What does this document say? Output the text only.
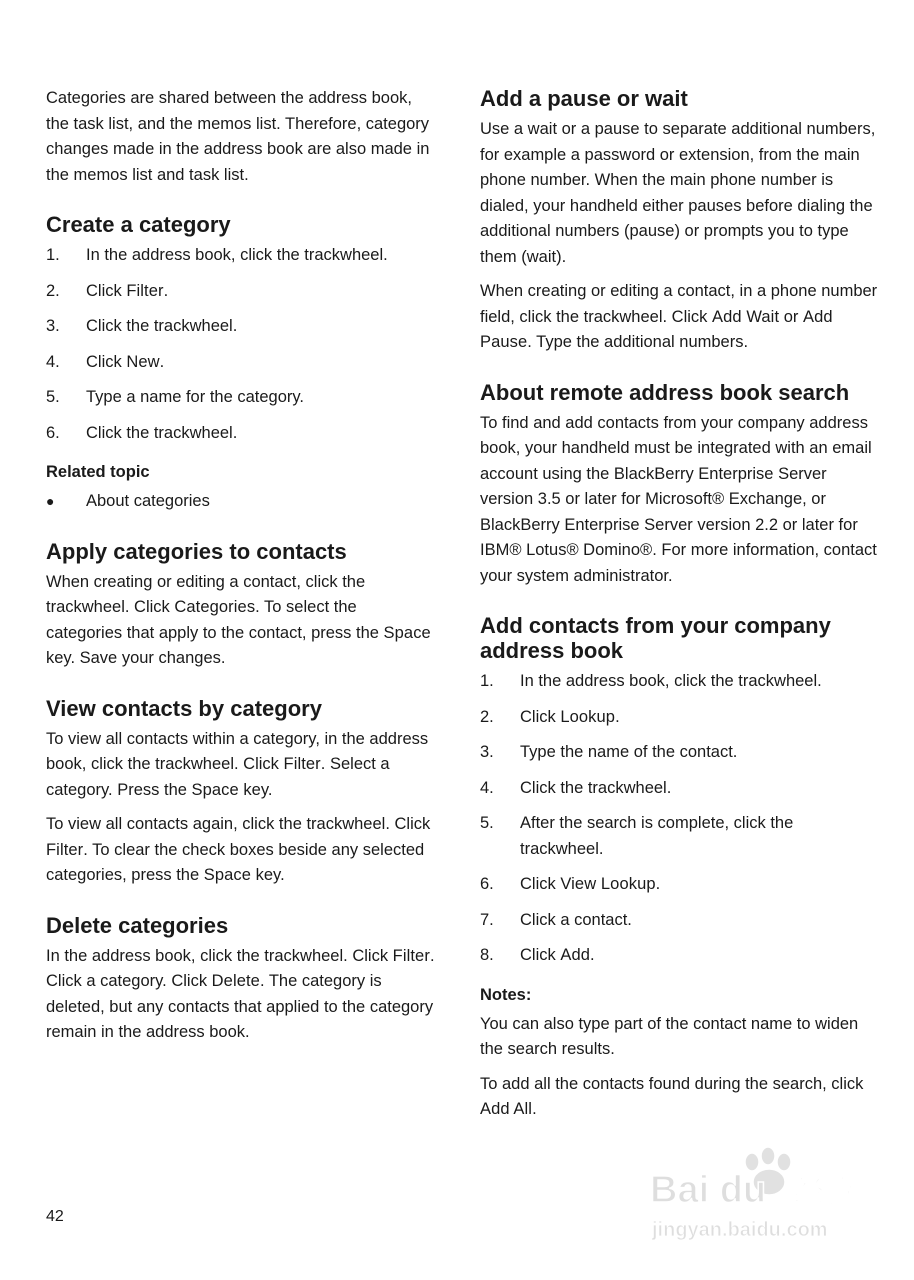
Categories are shared between the address book, the task list, and the memos list. Therefore, category changes made in the address book are also made in the memos list and task list.

Create a category
1.	In the address book, click the trackwheel.
2.	Click Filter.
3.	Click the trackwheel.
4.	Click New.
5.	Type a name for the category.
6.	Click the trackwheel.
Related topic
●	About categories
Apply categories to contacts

When creating or editing a contact, click the trackwheel. Click Categories. To select the categories that apply to the contact, press the Space key. Save your changes.

View contacts by category

To view all contacts within a category, in the address book, click the trackwheel. Click Filter. Select a category. Press the Space key.

To view all contacts again, click the trackwheel. Click Filter. To clear the check boxes beside any selected categories, press the Space key.

Delete categories

In the address book, click the trackwheel. Click Filter. Click a category. Click Delete. The category is deleted, but any contacts that applied to the category remain in the address book.

Add a pause or wait

Use a wait or a pause to separate additional numbers, for example a password or extension, from the main phone number. When the main phone number is dialed, your handheld either pauses before dialing the additional numbers (pause) or prompts you to type them (wait).

When creating or editing a contact, in a phone number field, click the trackwheel. Click Add Wait or Add Pause. Type the additional numbers.

About remote address book search

To find and add contacts from your company address book, your handheld must be integrated with an email account using the BlackBerry Enterprise Server version 3.5 or later for Microsoft® Exchange, or BlackBerry Enterprise Server version 2.2 or later for IBM® Lotus® Domino®. For more information, contact your system administrator.

Add contacts from your company address book
1.	In the address book, click the trackwheel.
2.	Click Lookup.
3.	Type the name of the contact.
4.	Click the trackwheel.
5.	After the search is complete, click the trackwheel.
6.	Click View Lookup.
7.	Click a contact.
8.	Click Add.
Notes:

You can also type part of the contact name to widen the search results.

To add all the contacts found during the search, click Add All.

42
Bai du 经验
jingyan.baidu.com
